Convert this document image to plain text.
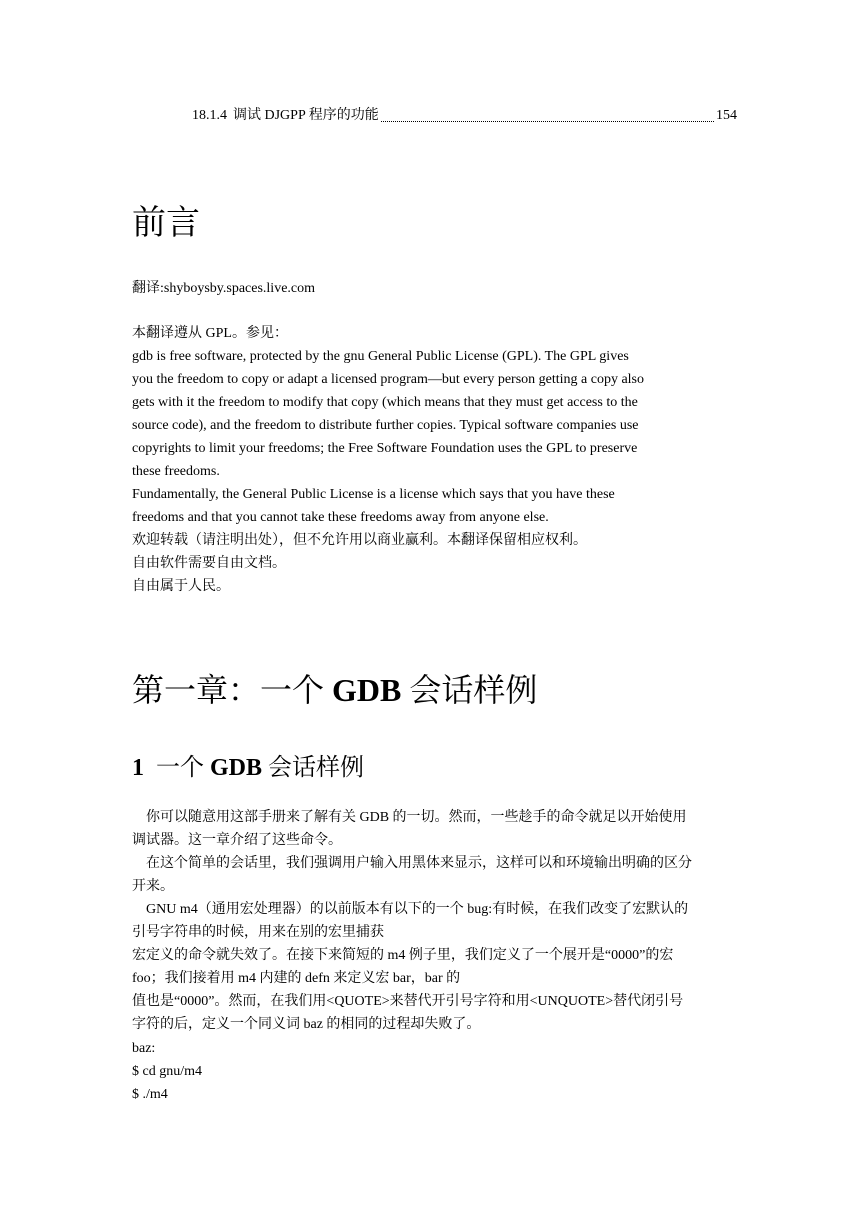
18.1.4 调试 DJGPP 程序的功能	154
前言

翻译:shyboysby.spaces.live.com

本翻译遵从 GPL。参见：
gdb is free software, protected by the gnu General Public License (GPL). The GPL gives
you the freedom to copy or adapt a licensed program—but every person getting a copy also
gets with it the freedom to modify that copy (which means that they must get access to the
source code), and the freedom to distribute further copies. Typical software companies use
copyrights to limit your freedoms; the Free Software Foundation uses the GPL to preserve
these freedoms.
Fundamentally, the General Public License is a license which says that you have these
freedoms and that you cannot take these freedoms away from anyone else.
欢迎转载（请注明出处），但不允许用以商业赢利。本翻译保留相应权利。
自由软件需要自由文档。
自由属于人民。
第一章：一个 GDB 会话样例
1 一个 GDB 会话样例
你可以随意用这部手册来了解有关 GDB 的一切。然而，一些趁手的命令就足以开始使用
调试器。这一章介绍了这些命令。
在这个简单的会话里，我们强调用户输入用黑体来显示，这样可以和环境输出明确的区分
开来。
GNU m4（通用宏处理器）的以前版本有以下的一个 bug:有时候，在我们改变了宏默认的
引号字符串的时候，用来在别的宏里捕获
宏定义的命令就失效了。在接下来简短的 m4 例子里，我们定义了一个展开是“0000”的宏
foo；我们接着用 m4 内建的 defn 来定义宏 bar，bar 的
值也是“0000”。然而，在我们用<QUOTE>来替代开引号字符和用<UNQUOTE>替代闭引号
字符的后，定义一个同义词 baz 的相同的过程却失败了。
baz:
$ cd gnu/m4
$ ./m4
